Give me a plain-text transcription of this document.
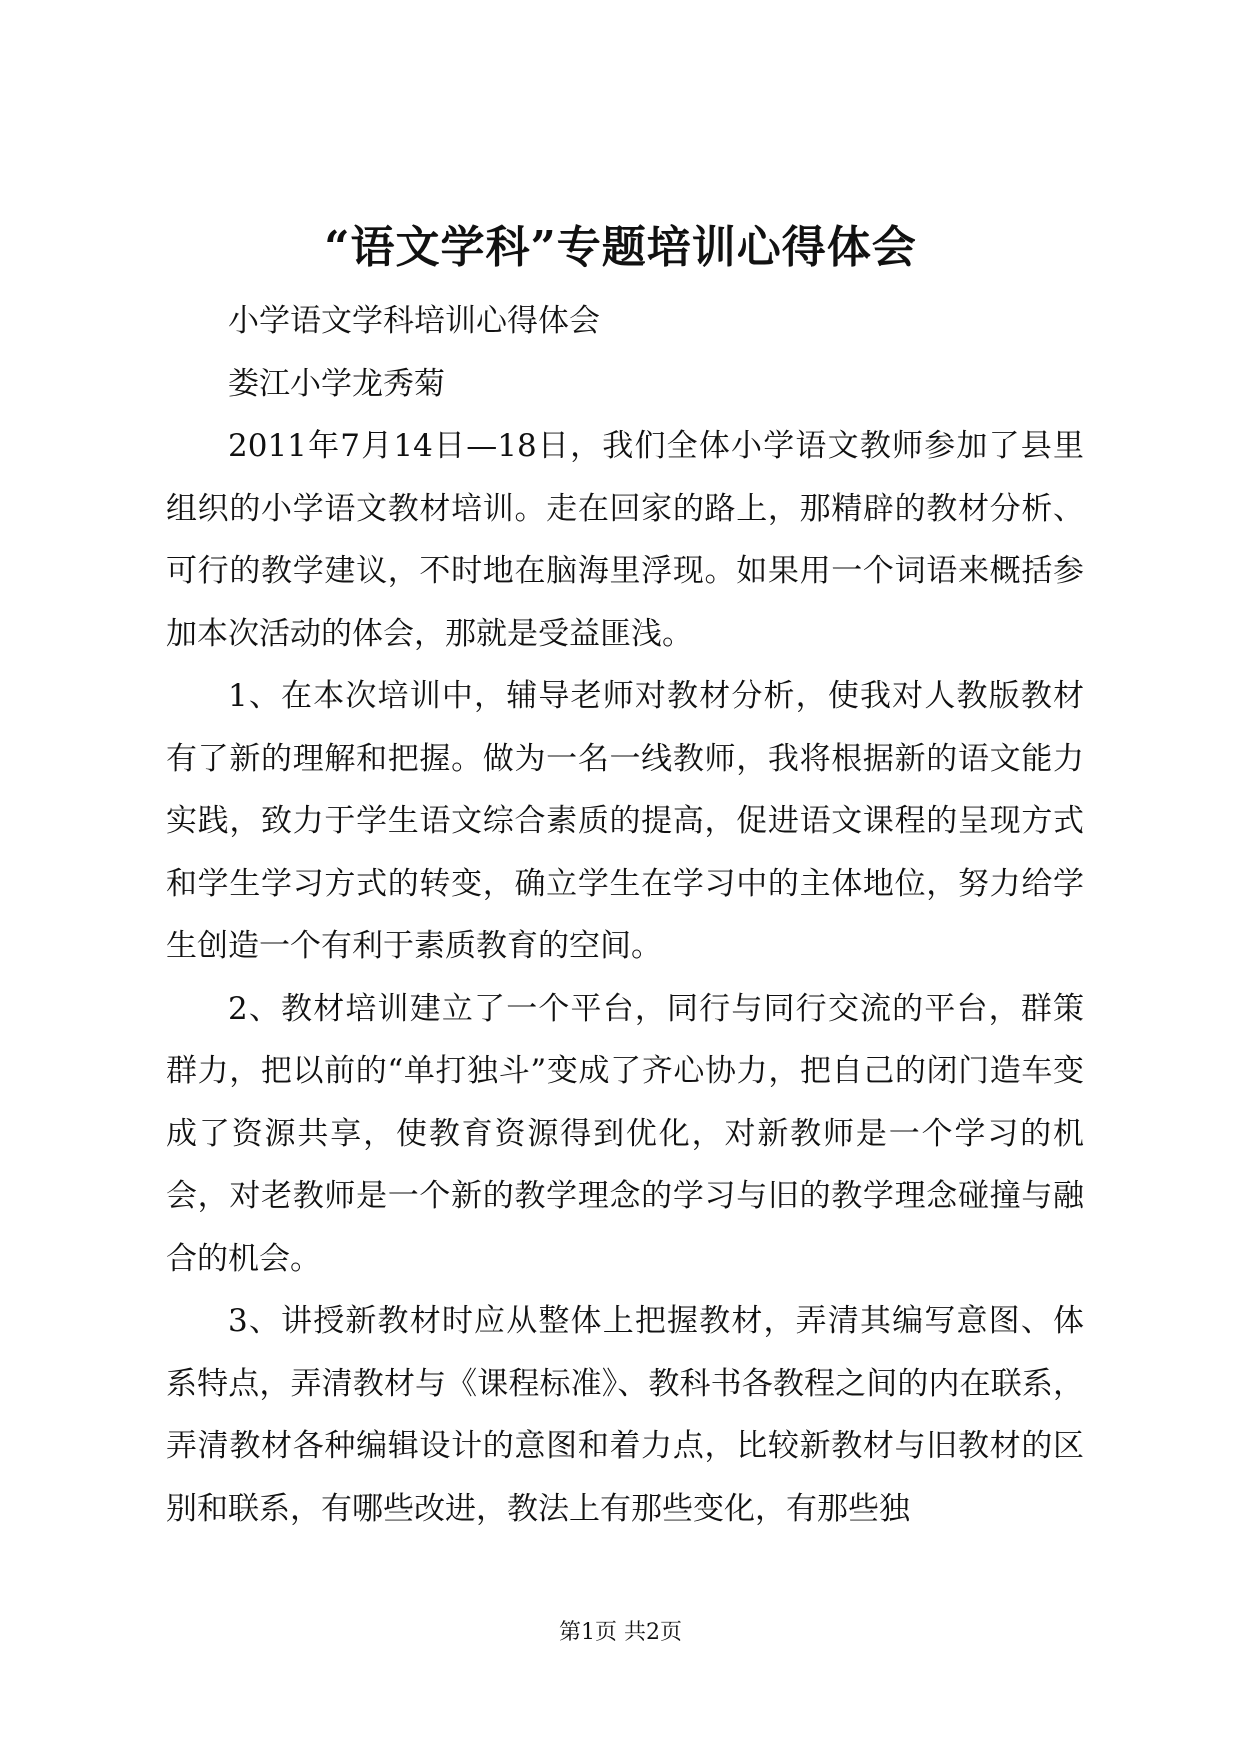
“语文学科”专题培训心得体会

小学语文学科培训心得体会

娄江小学龙秀菊

2011年7月14日—18日，我们全体小学语文教师参加了县里组织的小学语文教材培训。走在回家的路上，那精辟的教材分析、可行的教学建议，不时地在脑海里浮现。如果用一个词语来概括参加本次活动的体会，那就是受益匪浅。

1、在本次培训中，辅导老师对教材分析，使我对人教版教材有了新的理解和把握。做为一名一线教师，我将根据新的语文能力实践，致力于学生语文综合素质的提高，促进语文课程的呈现方式和学生学习方式的转变，确立学生在学习中的主体地位，努力给学生创造一个有利于素质教育的空间。

2、教材培训建立了一个平台，同行与同行交流的平台，群策群力，把以前的“单打独斗”变成了齐心协力，把自己的闭门造车变成了资源共享，使教育资源得到优化，对新教师是一个学习的机会，对老教师是一个新的教学理念的学习与旧的教学理念碰撞与融合的机会。

3、讲授新教材时应从整体上把握教材，弄清其编写意图、体系特点，弄清教材与《课程标准》、教科书各教程之间的内在联系，弄清教材各种编辑设计的意图和着力点，比较新教材与旧教材的区别和联系，有哪些改进，教法上有那些变化，有那些独

第1页 共2页
